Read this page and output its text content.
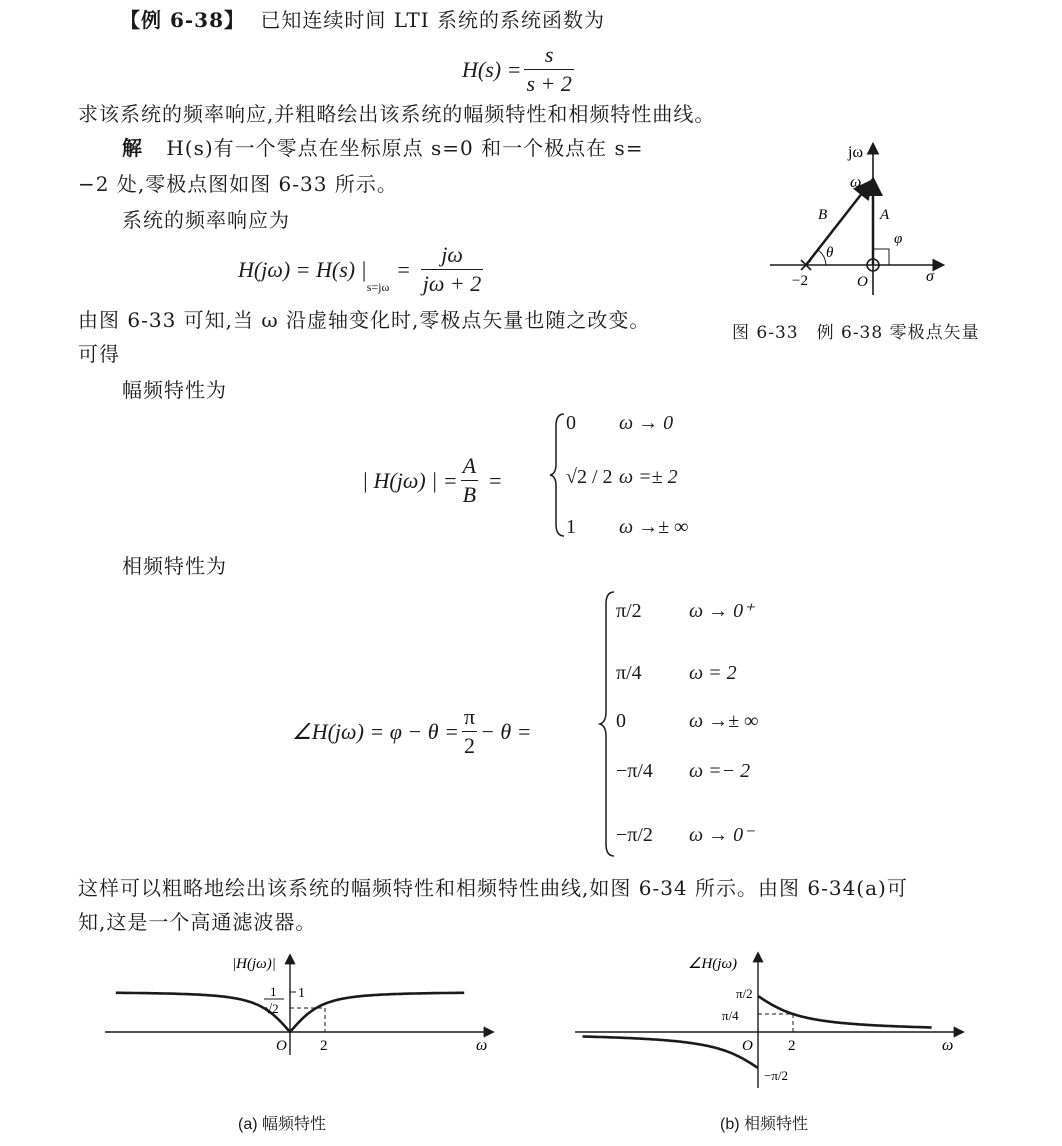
【例 6-38】 已知连续时间 LTI 系统的系统函数为
$H(s) = \frac{s}{s + 2}$
求该系统的频率响应,并粗略绘出该系统的幅频特性和相频特性曲线。
解 H(s)有一个零点在坐标原点 s=0 和一个极点在 s=
−2 处,零极点图如图 6-33 所示。
系统的频率响应为
H(jω) = H(s) |
s=jω
= $\frac{j\omega}{j\omega + 2}$
由图 6-33 可知,当 ω 沿虚轴变化时,零极点矢量也随之改变。
可得
幅频特性为
jω
ω
B	A
θ
φ
−2	O	σ
图 6-33　例 6-38 零极点矢量
| H(jω) | = $\frac{A}{B}$ =
0 ω → 0
√2 / 2 ω =± 2
1 ω →± ∞
相频特性为
∠H(jω) = $\varphi - \theta = \frac{\pi}{2} - \theta$ =
π/2 ω → 0⁺
π/4 ω = 2
0	ω →± ∞
−π/4 ω =− 2
−π/2 ω → 0⁻
这样可以粗略地绘出该系统的幅频特性和相频特性曲线,如图 6-34 所示。由图 6-34(a)可
知,这是一个高通滤波器。
|H(jω)|
1
1
√2
O 2	ω
(a) 幅频特性
∠H(jω)
π/2
π/4
−π/2
O 2	ω
(b) 相频特性
